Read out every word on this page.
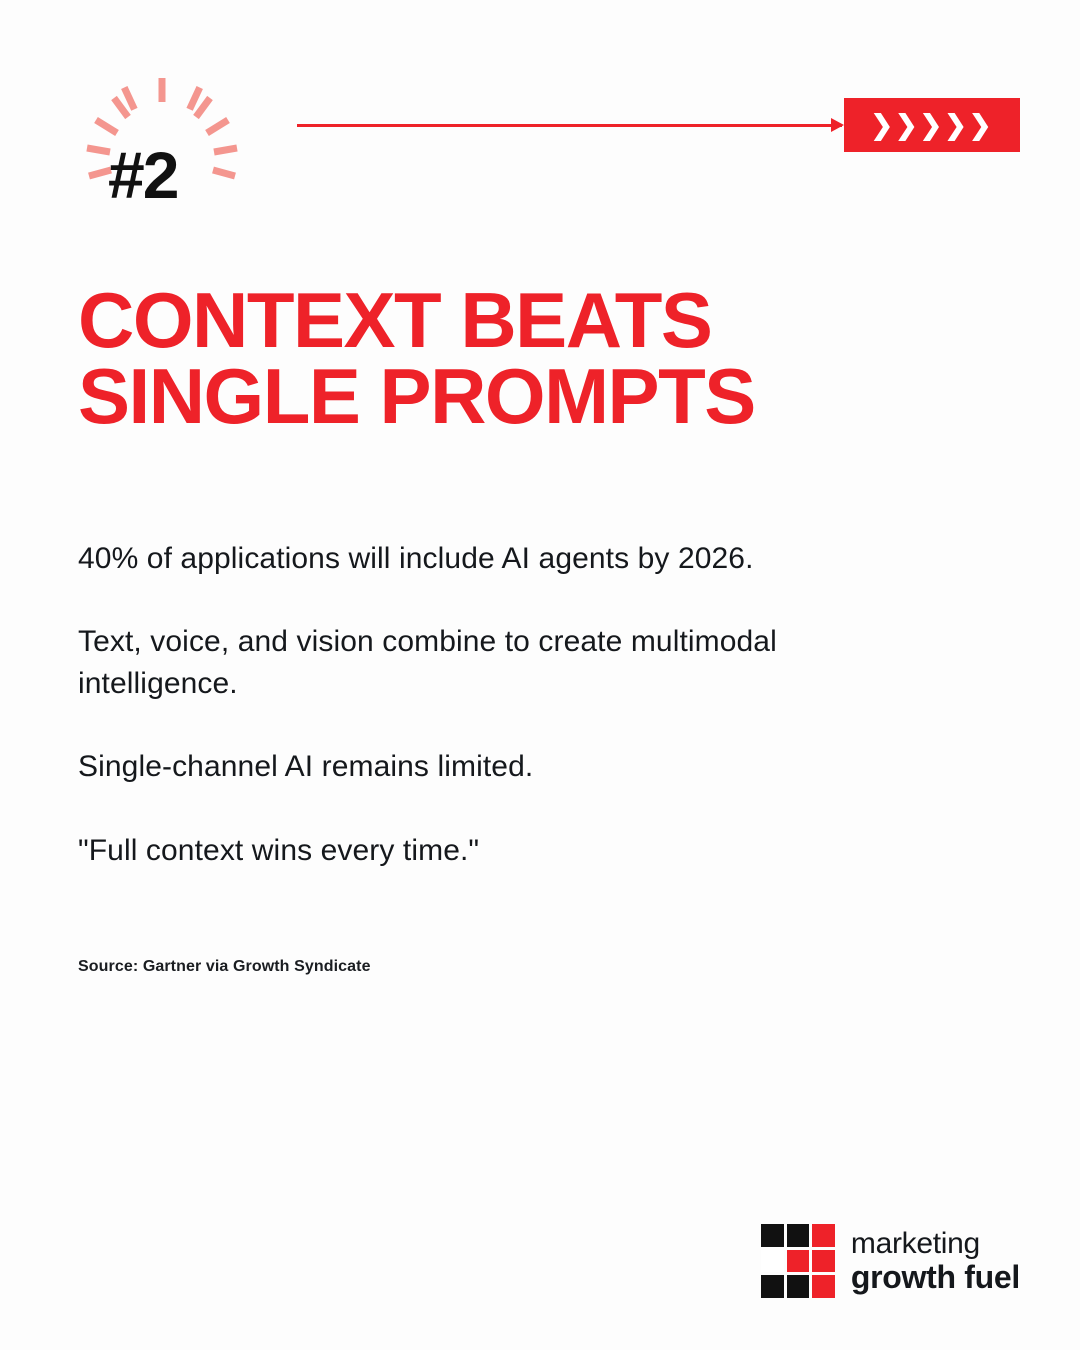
#2
❯❯❯❯❯
CONTEXT BEATS
SINGLE PROMPTS

40% of applications will include AI agents by 2026.

Text, voice, and vision combine to create multimodal intelligence.

Single-channel AI remains limited.

"Full context wins every time."

Source: Gartner via Growth Syndicate
marketing
growth fuel
